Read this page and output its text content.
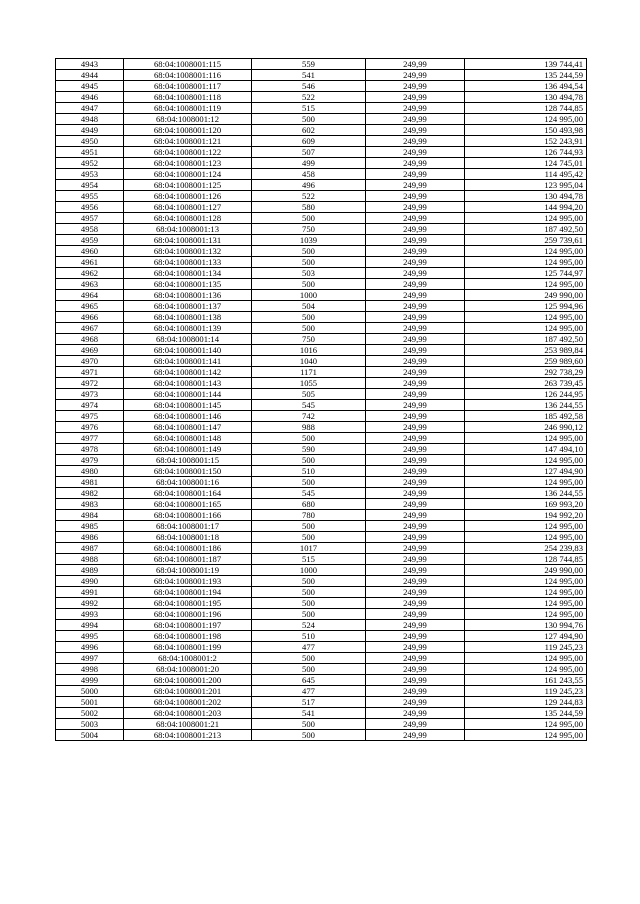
4943	68:04:1008001:115	559	249,99	139 744,41
4944	68:04:1008001:116	541	249,99	135 244,59
4945	68:04:1008001:117	546	249,99	136 494,54
4946	68:04:1008001:118	522	249,99	130 494,78
4947	68:04:1008001:119	515	249,99	128 744,85
4948	68:04:1008001:12	500	249,99	124 995,00
4949	68:04:1008001:120	602	249,99	150 493,98
4950	68:04:1008001:121	609	249,99	152 243,91
4951	68:04:1008001:122	507	249,99	126 744,93
4952	68:04:1008001:123	499	249,99	124 745,01
4953	68:04:1008001:124	458	249,99	114 495,42
4954	68:04:1008001:125	496	249,99	123 995,04
4955	68:04:1008001:126	522	249,99	130 494,78
4956	68:04:1008001:127	580	249,99	144 994,20
4957	68:04:1008001:128	500	249,99	124 995,00
4958	68:04:1008001:13	750	249,99	187 492,50
4959	68:04:1008001:131	1039	249,99	259 739,61
4960	68:04:1008001:132	500	249,99	124 995,00
4961	68:04:1008001:133	500	249,99	124 995,00
4962	68:04:1008001:134	503	249,99	125 744,97
4963	68:04:1008001:135	500	249,99	124 995,00
4964	68:04:1008001:136	1000	249,99	249 990,00
4965	68:04:1008001:137	504	249,99	125 994,96
4966	68:04:1008001:138	500	249,99	124 995,00
4967	68:04:1008001:139	500	249,99	124 995,00
4968	68:04:1008001:14	750	249,99	187 492,50
4969	68:04:1008001:140	1016	249,99	253 989,84
4970	68:04:1008001:141	1040	249,99	259 989,60
4971	68:04:1008001:142	1171	249,99	292 738,29
4972	68:04:1008001:143	1055	249,99	263 739,45
4973	68:04:1008001:144	505	249,99	126 244,95
4974	68:04:1008001:145	545	249,99	136 244,55
4975	68:04:1008001:146	742	249,99	185 492,58
4976	68:04:1008001:147	988	249,99	246 990,12
4977	68:04:1008001:148	500	249,99	124 995,00
4978	68:04:1008001:149	590	249,99	147 494,10
4979	68:04:1008001:15	500	249,99	124 995,00
4980	68:04:1008001:150	510	249,99	127 494,90
4981	68:04:1008001:16	500	249,99	124 995,00
4982	68:04:1008001:164	545	249,99	136 244,55
4983	68:04:1008001:165	680	249,99	169 993,20
4984	68:04:1008001:166	780	249,99	194 992,20
4985	68:04:1008001:17	500	249,99	124 995,00
4986	68:04:1008001:18	500	249,99	124 995,00
4987	68:04:1008001:186	1017	249,99	254 239,83
4988	68:04:1008001:187	515	249,99	128 744,85
4989	68:04:1008001:19	1000	249,99	249 990,00
4990	68:04:1008001:193	500	249,99	124 995,00
4991	68:04:1008001:194	500	249,99	124 995,00
4992	68:04:1008001:195	500	249,99	124 995,00
4993	68:04:1008001:196	500	249,99	124 995,00
4994	68:04:1008001:197	524	249,99	130 994,76
4995	68:04:1008001:198	510	249,99	127 494,90
4996	68:04:1008001:199	477	249,99	119 245,23
4997	68:04:1008001:2	500	249,99	124 995,00
4998	68:04:1008001:20	500	249,99	124 995,00
4999	68:04:1008001:200	645	249,99	161 243,55
5000	68:04:1008001:201	477	249,99	119 245,23
5001	68:04:1008001:202	517	249,99	129 244,83
5002	68:04:1008001:203	541	249,99	135 244,59
5003	68:04:1008001:21	500	249,99	124 995,00
5004	68:04:1008001:213	500	249,99	124 995,00
